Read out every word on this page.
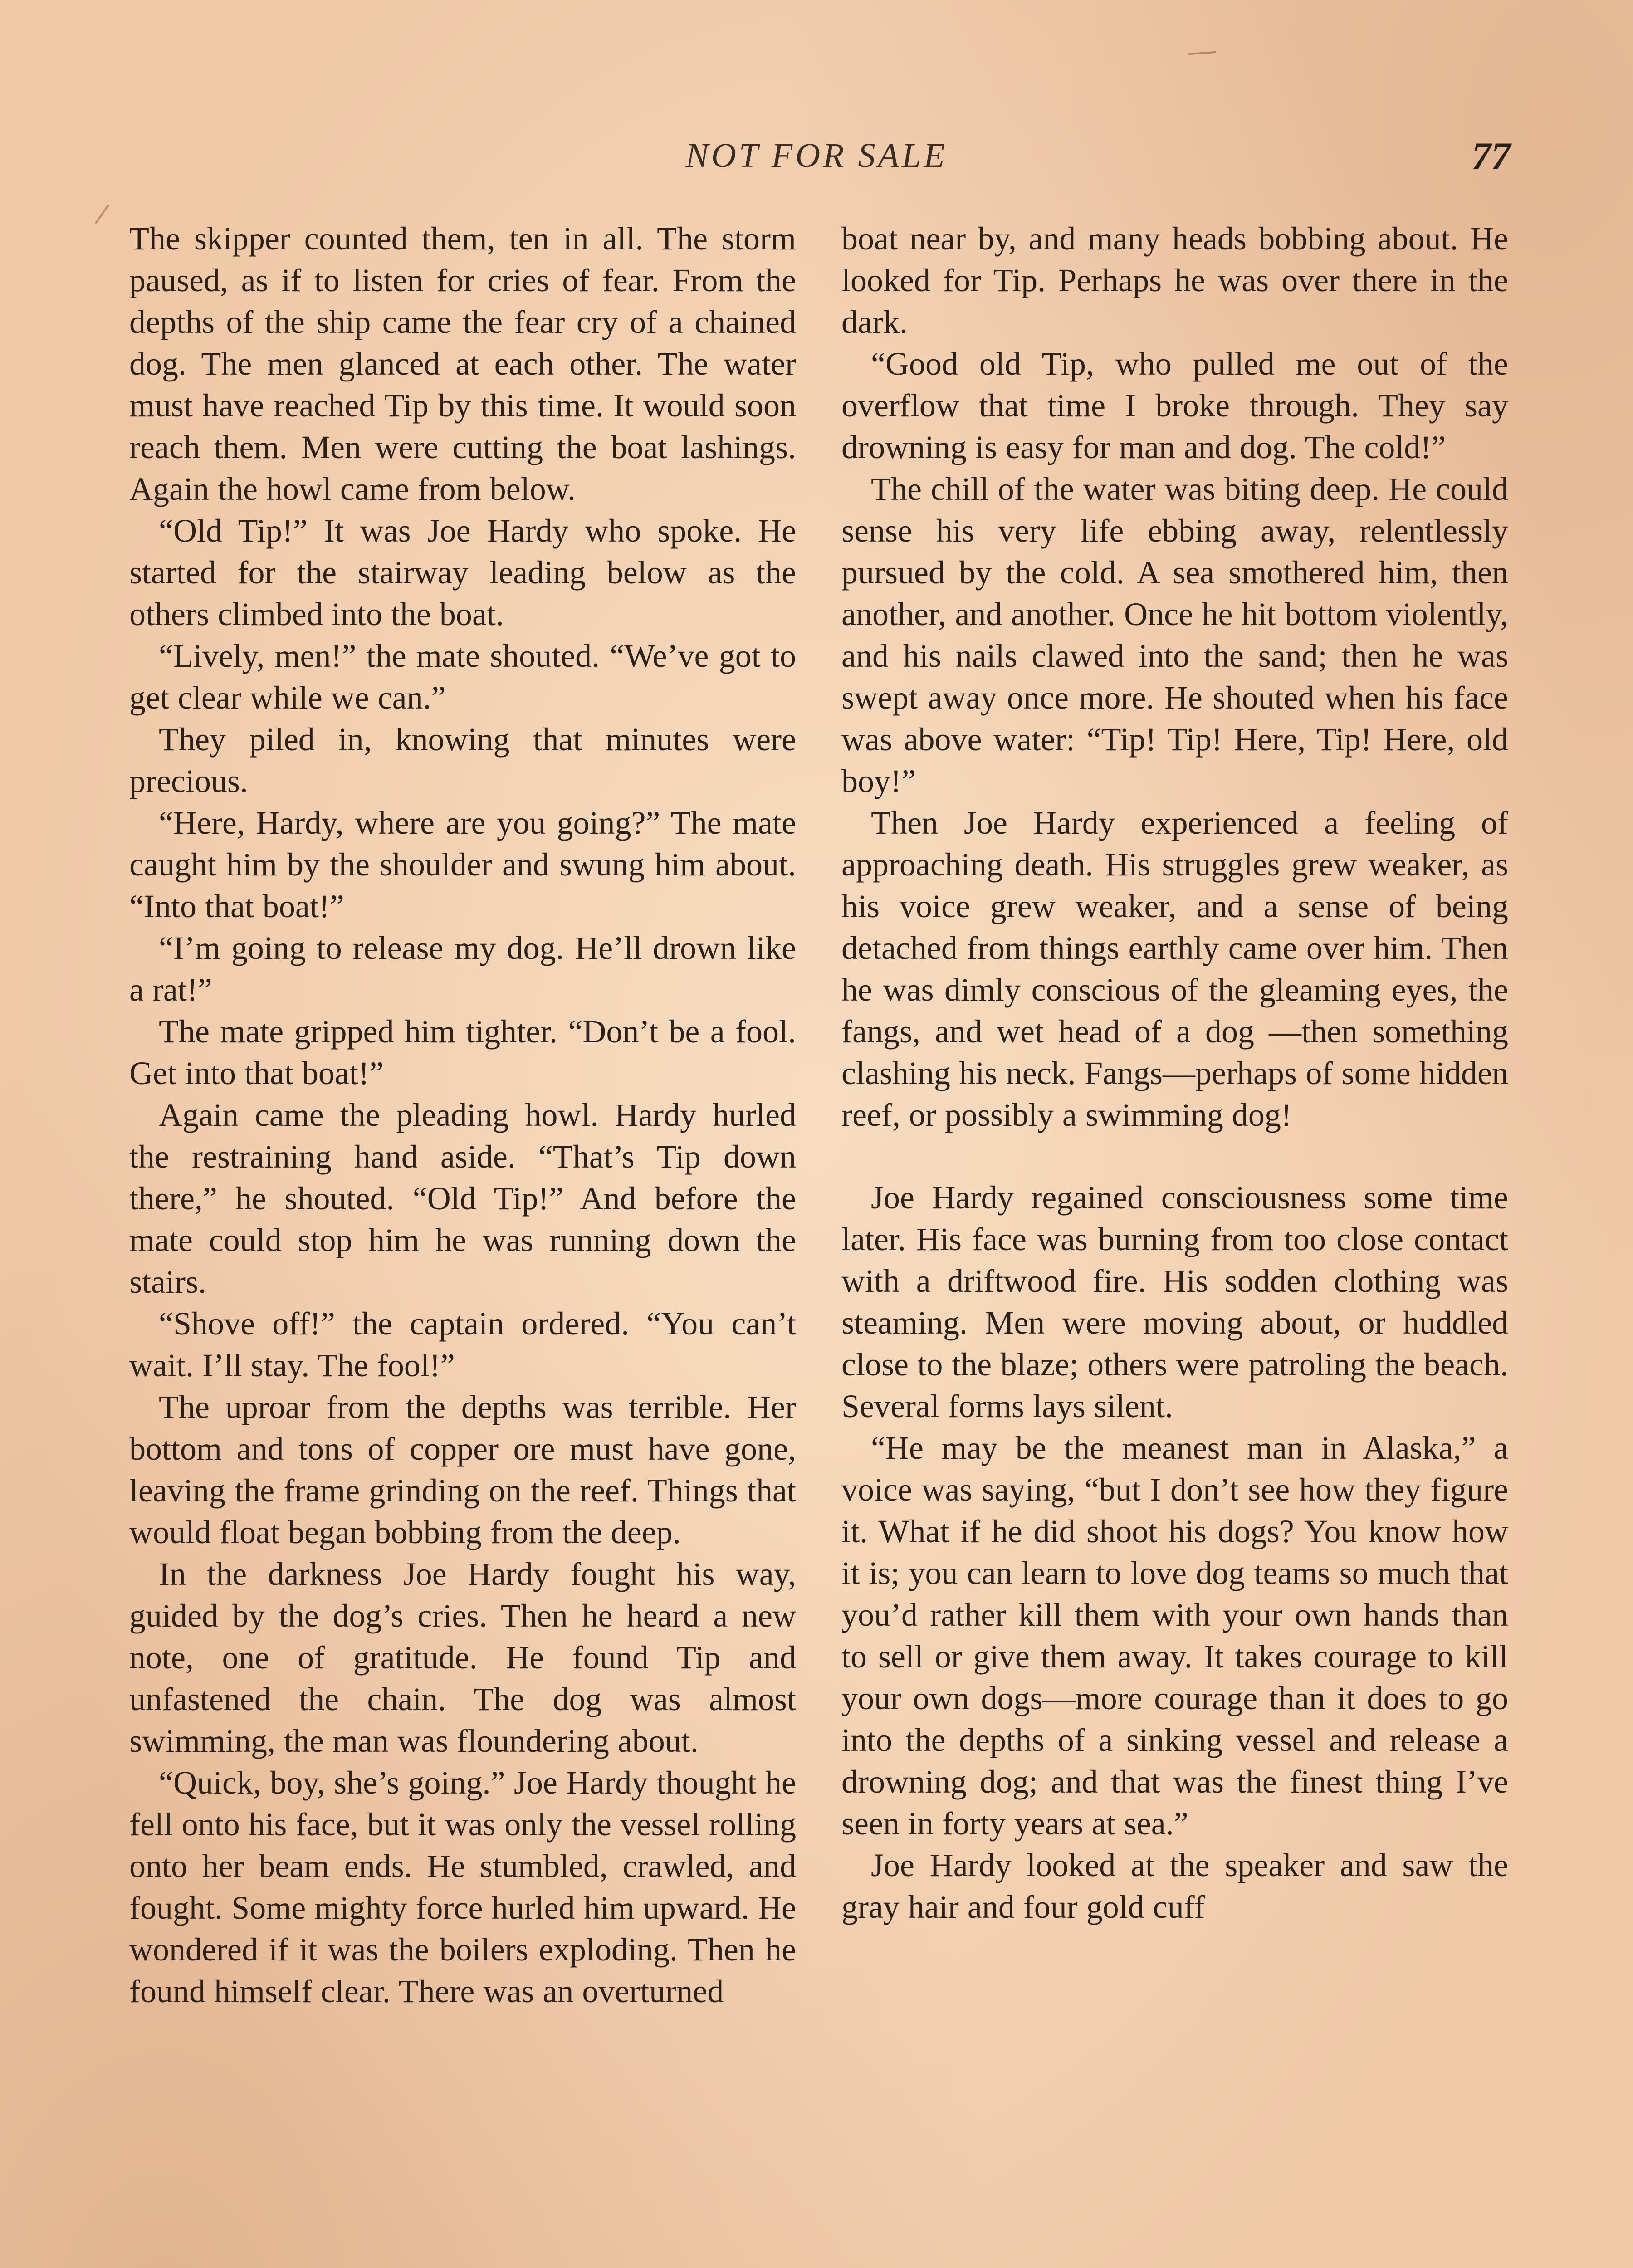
NOT FOR SALE	77

The skipper counted them, ten in all. The storm paused, as if to listen for cries of fear. From the depths of the ship came the fear cry of a chained dog. The men glanced at each other. The water must have reached Tip by this time. It would soon reach them. Men were cutting the boat lashings. Again the howl came from below.

“Old Tip!” It was Joe Hardy who spoke. He started for the stairway leading below as the others climbed into the boat.

“Lively, men!” the mate shouted. “We’ve got to get clear while we can.”

They piled in, knowing that minutes were precious.

“Here, Hardy, where are you going?” The mate caught him by the shoulder and swung him about. “Into that boat!”

“I’m going to release my dog. He’ll drown like a rat!”

The mate gripped him tighter. “Don’t be a fool. Get into that boat!”

Again came the pleading howl. Hardy hurled the restraining hand aside. “That’s Tip down there,” he shouted. “Old Tip!” And before the mate could stop him he was running down the stairs.

“Shove off!” the captain ordered. “You can’t wait. I’ll stay. The fool!”

The uproar from the depths was terrible. Her bottom and tons of copper ore must have gone, leaving the frame grinding on the reef. Things that would float began bobbing from the deep.

In the darkness Joe Hardy fought his way, guided by the dog’s cries. Then he heard a new note, one of gratitude. He found Tip and unfastened the chain. The dog was almost swimming, the man was floundering about.

“Quick, boy, she’s going.” Joe Hardy thought he fell onto his face, but it was only the vessel rolling onto her beam ends. He stumbled, crawled, and fought. Some mighty force hurled him upward. He wondered if it was the boilers exploding. Then he found himself clear. There was an overturned

boat near by, and many heads bobbing about. He looked for Tip. Perhaps he was over there in the dark.

“Good old Tip, who pulled me out of the overflow that time I broke through. They say drowning is easy for man and dog. The cold!”

The chill of the water was biting deep. He could sense his very life ebbing away, relentlessly pursued by the cold. A sea smothered him, then another, and another. Once he hit bottom violently, and his nails clawed into the sand; then he was swept away once more. He shouted when his face was above water: “Tip! Tip! Here, Tip! Here, old boy!”

Then Joe Hardy experienced a feeling of approaching death. His struggles grew weaker, as his voice grew weaker, and a sense of being detached from things earthly came over him. Then he was dimly conscious of the gleaming eyes, the fangs, and wet head of a dog —then something clashing his neck. Fangs—perhaps of some hidden reef, or possibly a swimming dog!

Joe Hardy regained consciousness some time later. His face was burning from too close contact with a driftwood fire. His sodden clothing was steaming. Men were moving about, or huddled close to the blaze; others were patroling the beach. Several forms lays silent.

“He may be the meanest man in Alaska,” a voice was saying, “but I don’t see how they figure it. What if he did shoot his dogs? You know how it is; you can learn to love dog teams so much that you’d rather kill them with your own hands than to sell or give them away. It takes courage to kill your own dogs—more courage than it does to go into the depths of a sinking vessel and release a drowning dog; and that was the finest thing I’ve seen in forty years at sea.”

Joe Hardy looked at the speaker and saw the gray hair and four gold cuff
